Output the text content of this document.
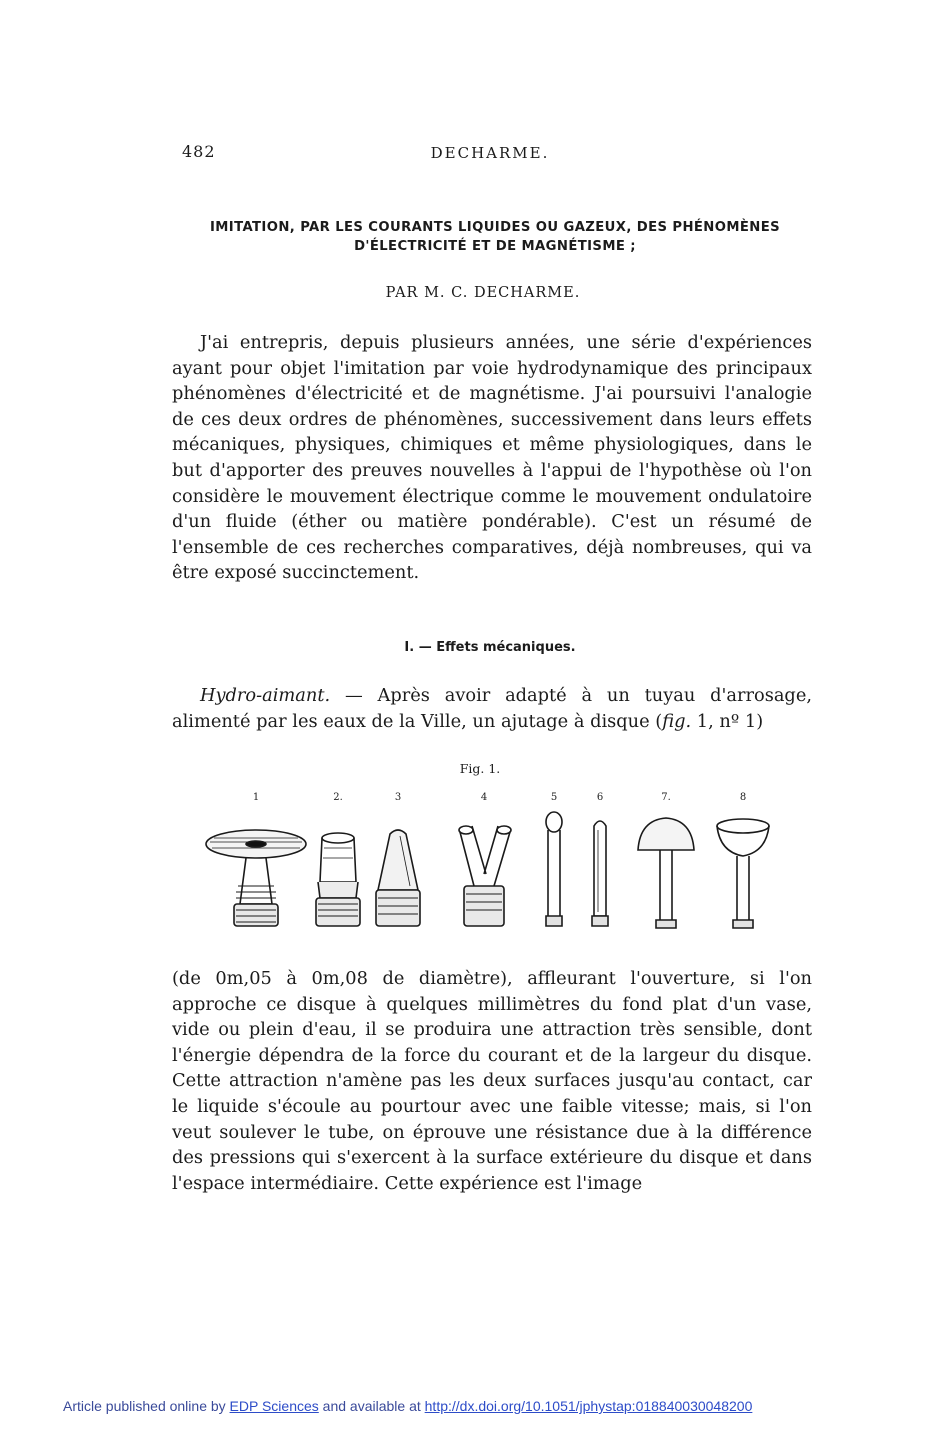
482	DECHARME.
IMITATION, PAR LES COURANTS LIQUIDES OU GAZEUX, DES PHÉNOMÈNES
D'ÉLECTRICITÉ ET DE MAGNÉTISME ;
PAR M. C. DECHARME.
J'ai entrepris, depuis plusieurs années, une série d'expériences ayant pour objet l'imitation par voie hydrodynamique des principaux phénomènes d'électricité et de magnétisme. J'ai poursuivi l'analogie de ces deux ordres de phénomènes, successivement dans leurs effets mécaniques, physiques, chimiques et même physiologiques, dans le but d'apporter des preuves nouvelles à l'appui de l'hypothèse où l'on considère le mouvement électrique comme le mouvement ondulatoire d'un fluide (éther ou matière pondérable). C'est un résumé de l'ensemble de ces recherches comparatives, déjà nombreuses, qui va être exposé succinctement.
I. — Effets mécaniques.
Hydro-aimant. — Après avoir adapté à un tuyau d'arrosage, alimenté par les eaux de la Ville, un ajutage à disque (fig. 1, nº 1)
Fig. 1.
1	2.	3	4	5	6	7.	8
(de 0m,05 à 0m,08 de diamètre), affleurant l'ouverture, si l'on approche ce disque à quelques millimètres du fond plat d'un vase, vide ou plein d'eau, il se produira une attraction très sensible, dont l'énergie dépendra de la force du courant et de la largeur du disque. Cette attraction n'amène pas les deux surfaces jusqu'au contact, car le liquide s'écoule au pourtour avec une faible vitesse; mais, si l'on veut soulever le tube, on éprouve une résistance due à la différence des pressions qui s'exercent à la surface extérieure du disque et dans l'espace intermédiaire. Cette expérience est l'image
Article published online by EDP Sciences and available at http://dx.doi.org/10.1051/jphystap:018840030048200
